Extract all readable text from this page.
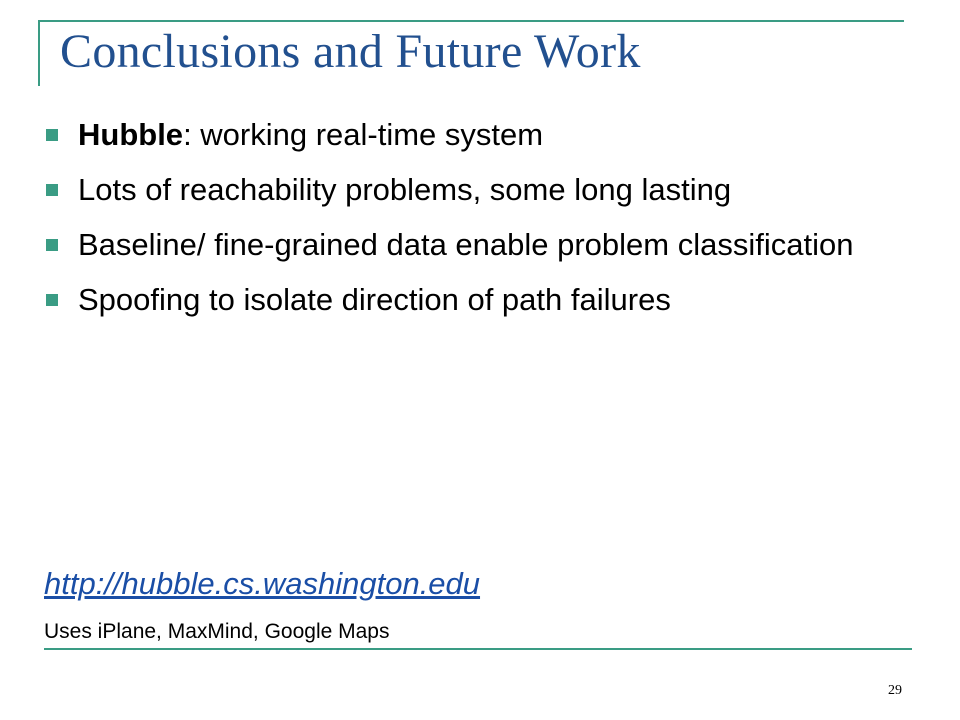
Conclusions and Future Work
Hubble: working real-time system
Lots of reachability problems, some long lasting
Baseline/ fine-grained data enable problem classification
Spoofing to isolate direction of path failures
http://hubble.cs.washington.edu
Uses iPlane, MaxMind, Google Maps
29
